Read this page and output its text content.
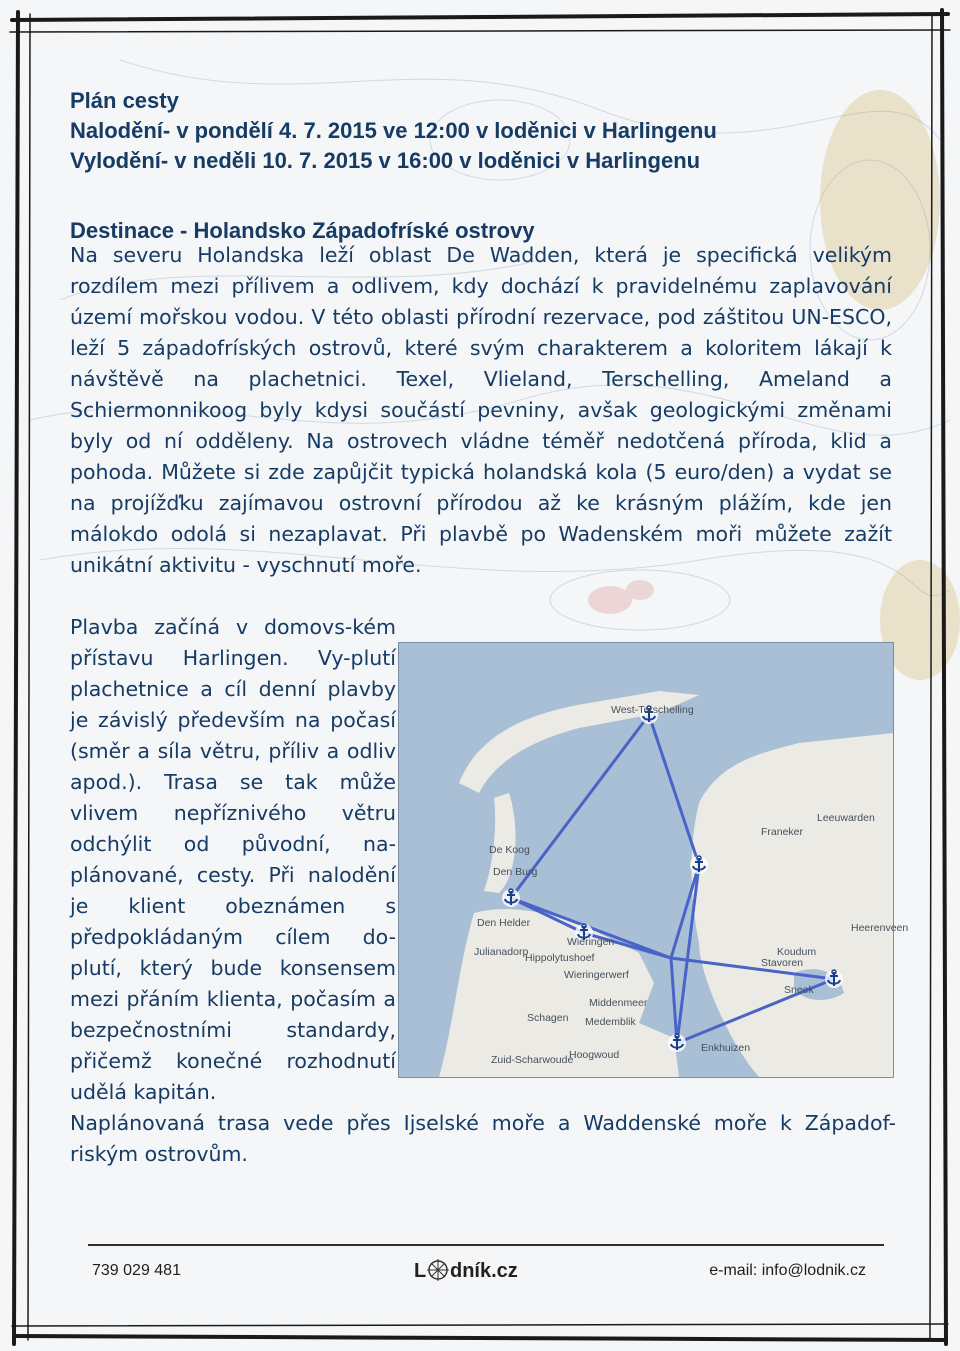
Plán cesty
Nalodění- v pondělí 4. 7. 2015 ve 12:00 v loděnici v Harlingenu
Vylodění- v neděli 10. 7. 2015 v 16:00 v loděnici v Harlingenu
Destinace - Holandsko Západofríské ostrovy
Na severu Holandska leží oblast De Wadden, která je specifická velikým rozdílem mezi přílivem a odlivem, kdy dochází k pravidelnému zaplavování území mořskou vodou. V této oblasti přírodní rezervace, pod záštitou UN-ESCO, leží 5 západofríských ostrovů, které svým charakterem a koloritem lákají k návštěvě na plachetnici. Texel, Vlieland, Terschelling, Ameland a Schiermonnikoog byly kdysi součástí pevniny, avšak geologickými změnami byly od ní odděleny. Na ostrovech vládne téměř nedotčená příroda, klid a pohoda. Můžete si zde zapůjčit typická holandská kola (5 euro/den) a vydat se na projížďku zajímavou ostrovní přírodou až ke krásným plážím, kde jen málokdo odolá si nezaplavat. Při plavbě po Wadenském moři můžete zažít unikátní aktivitu - vyschnutí moře.
Plavba začíná v domovs-kém přístavu Harlingen. Vy-plutí plachetnice a cíl denní plavby je závislý především na počasí (směr a síla větru, příliv a odliv apod.). Trasa se tak může vlivem nepříznivého větru odchýlit od původní, na-plánované, cesty. Při nalodění je klient obeznámen s předpokládaným cílem do-plutí, který bude konsensem mezi přáním klienta, počasím a bezpečnostními standardy, přičemž konečné rozhodnutí udělá kapitán.
West-Terschelling
Franeker
Leeuwarden
De Koog
Den Burg
Den Helder
Julianadorp
Wieringen
Hippolytushoef
Wieringerwerf
Koudum
Stavoren
Sneek
Heerenveen
Schagen
Middenmeer
Medemblik
Hoogwoud
Enkhuizen
Zuid-Scharwoude
Naplánovaná trasa vede přes Ijselské moře a Waddenské moře k Západof-riským ostrovům.
739 029 481	dník.cz
L	e-mail: info@lodnik.cz
